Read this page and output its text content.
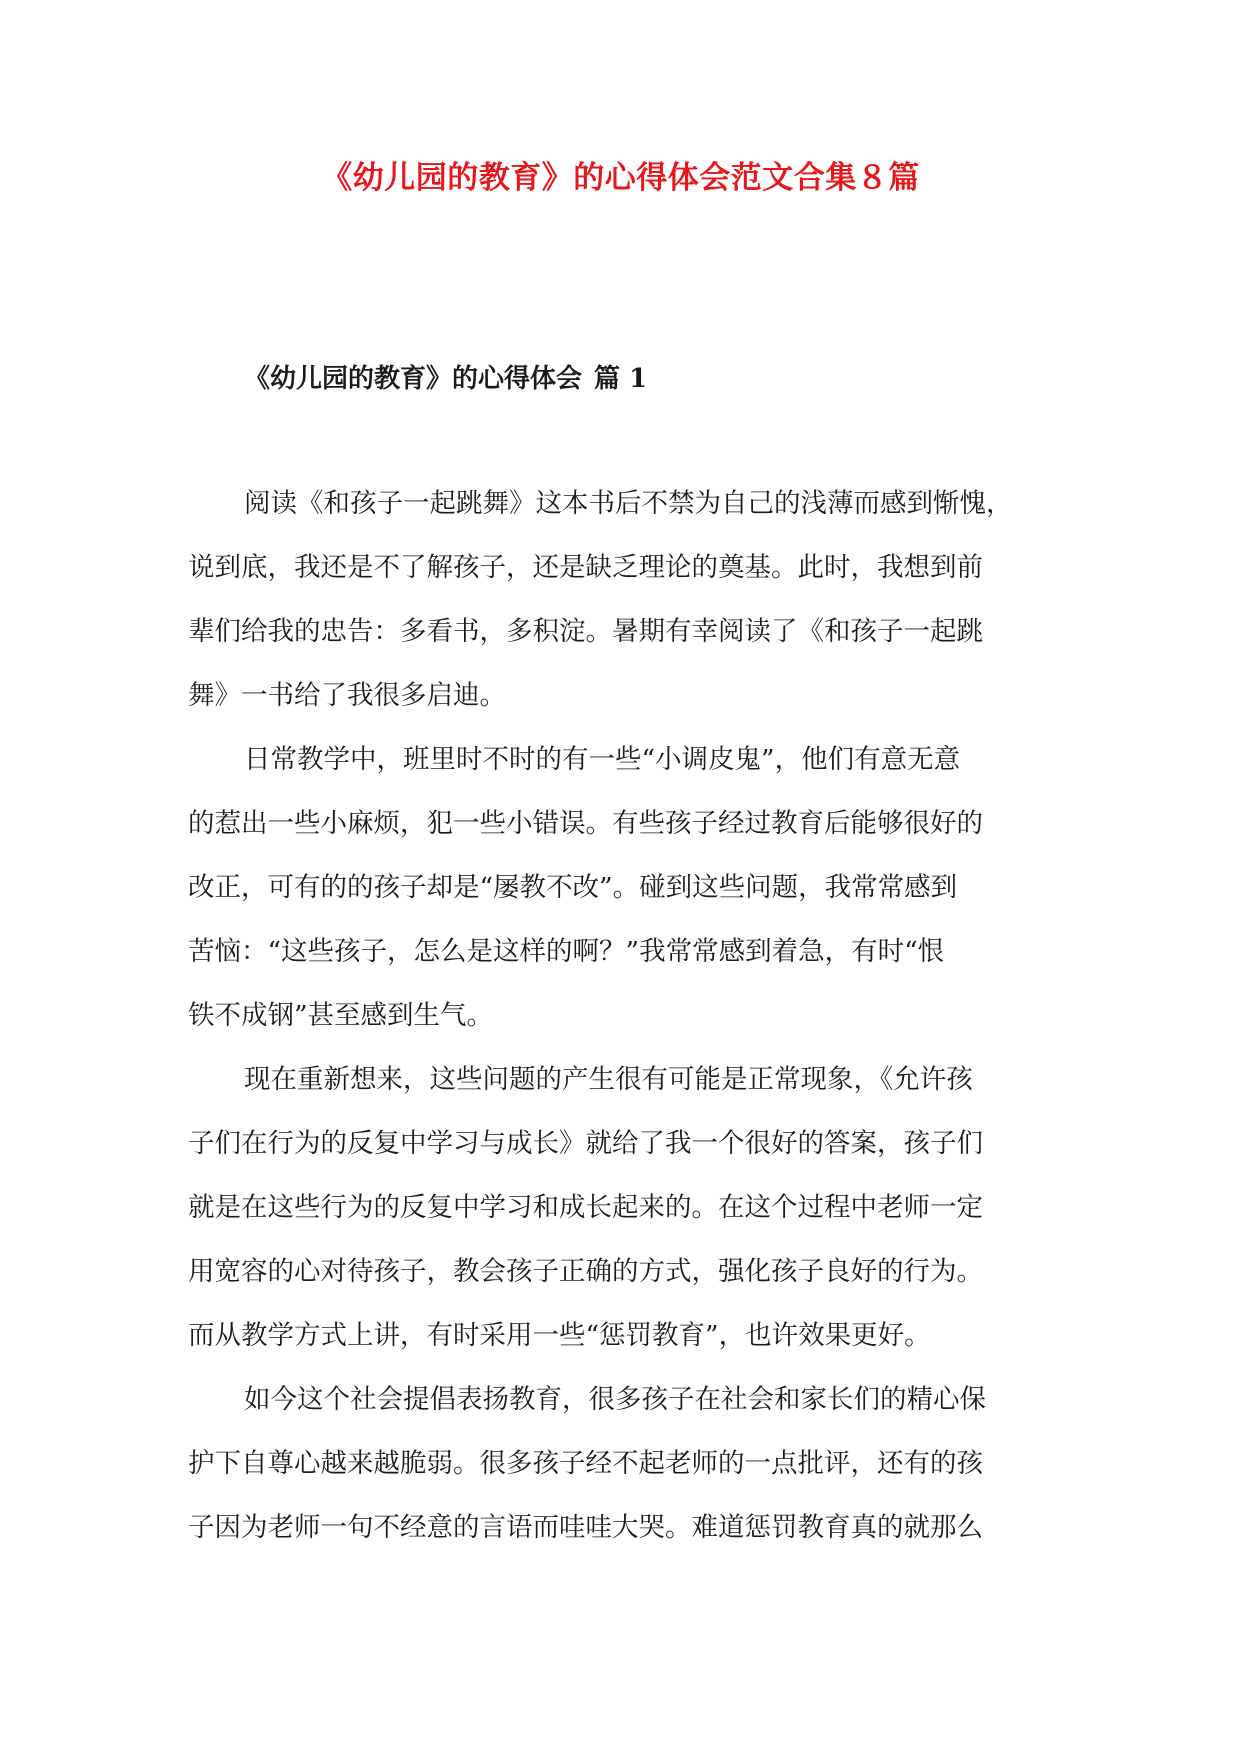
《幼儿园的教育》的心得体会范文合集８篇
《幼儿园的教育》的心得体会 篇 1
阅读《和孩子一起跳舞》这本书后不禁为自己的浅薄而感到惭愧，
说到底，我还是不了解孩子，还是缺乏理论的奠基。此时，我想到前
辈们给我的忠告：多看书，多积淀。暑期有幸阅读了《和孩子一起跳
舞》一书给了我很多启迪。
日常教学中，班里时不时的有一些“小调皮鬼”，他们有意无意
的惹出一些小麻烦，犯一些小错误。有些孩子经过教育后能够很好的
改正，可有的的孩子却是“屡教不改”。碰到这些问题，我常常感到
苦恼：“这些孩子，怎么是这样的啊？”我常常感到着急，有时“恨
铁不成钢”甚至感到生气。
现在重新想来，这些问题的产生很有可能是正常现象，《允许孩
子们在行为的反复中学习与成长》就给了我一个很好的答案，孩子们
就是在这些行为的反复中学习和成长起来的。在这个过程中老师一定
用宽容的心对待孩子，教会孩子正确的方式，强化孩子良好的行为。
而从教学方式上讲，有时采用一些“惩罚教育”，也许效果更好。
如今这个社会提倡表扬教育，很多孩子在社会和家长们的精心保
护下自尊心越来越脆弱。很多孩子经不起老师的一点批评，还有的孩
子因为老师一句不经意的言语而哇哇大哭。难道惩罚教育真的就那么
